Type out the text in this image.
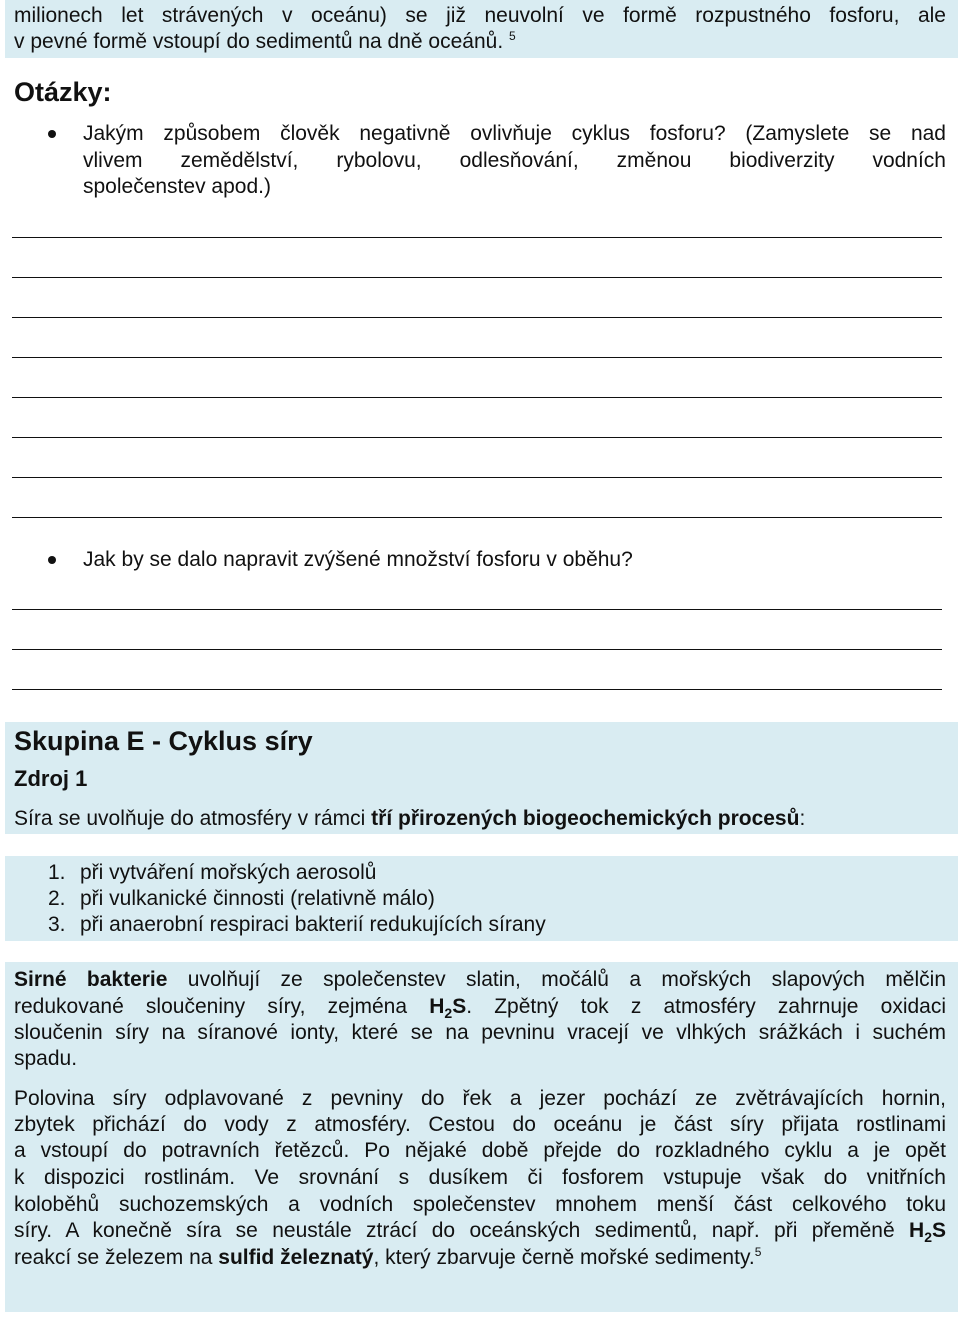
milionech let strávených v oceánu) se již neuvolní ve formě rozpustného fosforu, ale
v pevné formě vstoupí do sedimentů na dně oceánů. $^5$
Otázky:
Jakým způsobem člověk negativně ovlivňuje cyklus fosforu? (Zamyslete se nad
vlivem zemědělství, rybolovu, odlesňování, změnou biodiverzity vodních
společenstev apod.)
Jak by se dalo napravit zvýšené množství fosforu v oběhu?
Skupina E - Cyklus síry
Zdroj 1
Síra se uvolňuje do atmosféry v rámci tří přirozených biogeochemických procesů:
1. při vytváření mořských aerosolů
2. při vulkanické činnosti (relativně málo)
3. při anaerobní respiraci bakterií redukujících sírany
Sirné bakterie uvolňují ze společenstev slatin, močálů a mořských slapových mělčin
redukované sloučeniny síry, zejména $H_2S$. Zpětný tok z atmosféry zahrnuje oxidaci
sloučenin síry na síranové ionty, které se na pevninu vracejí ve vlhkých srážkách i suchém
spadu.
Polovina síry odplavované z pevniny do řek a jezer pochází ze zvětrávajících hornin,
zbytek přichází do vody z atmosféry. Cestou do oceánu je část síry přijata rostlinami
a vstoupí do potravních řetězců. Po nějaké době přejde do rozkladného cyklu a je opět
k dispozici rostlinám. Ve srovnání s dusíkem či fosforem vstupuje však do vnitřních
koloběhů suchozemských a vodních společenstev mnohem menší část celkového toku
síry. A konečně síra se neustále ztrácí do oceánských sedimentů, např. při přeměně $H_2S$
reakcí se železem na sulfid železnatý, který zbarvuje černě mořské sedimenty.$^5$
